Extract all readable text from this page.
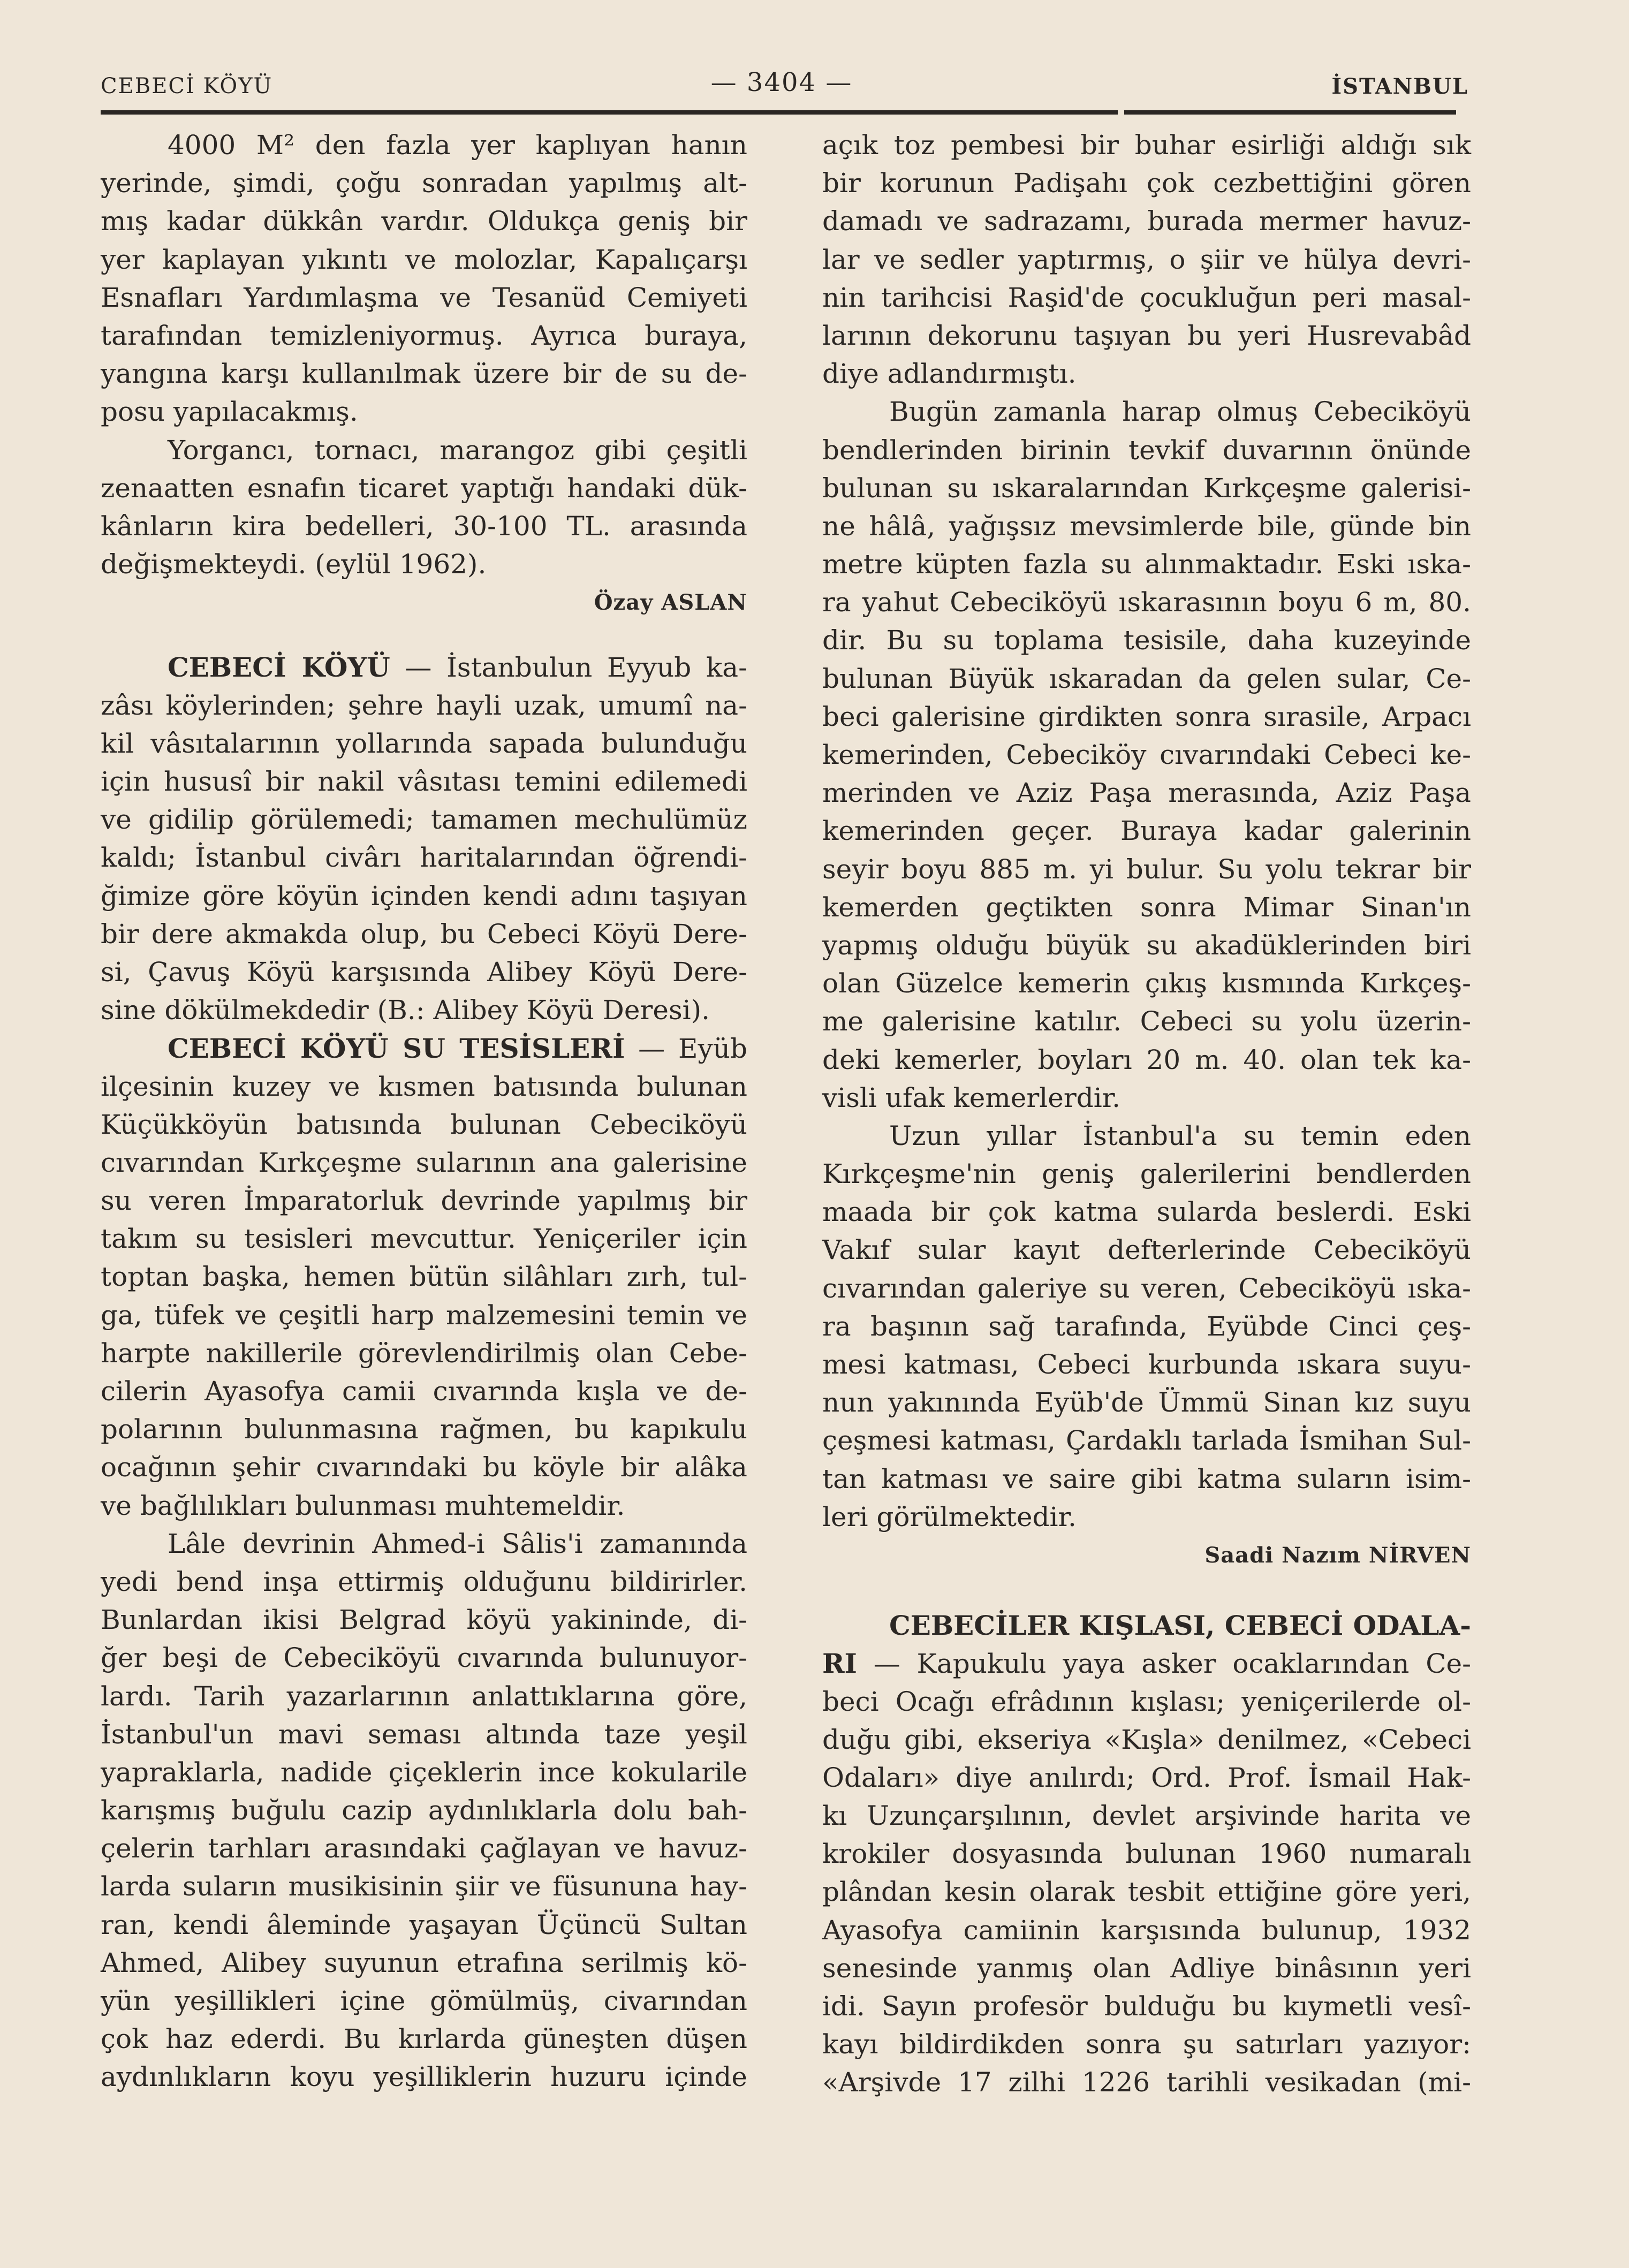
CEBECİ KÖYÜ	— 3404 —	İSTANBUL
4000 M² den fazla yer kaplıyan hanın
yerinde, şimdi, çoğu sonradan yapılmış alt-
mış kadar dükkân vardır. Oldukça geniş bir
yer kaplayan yıkıntı ve molozlar, Kapalıçarşı
Esnafları Yardımlaşma ve Tesanüd Cemiyeti
tarafından temizleniyormuş. Ayrıca buraya,
yangına karşı kullanılmak üzere bir de su de-
posu yapılacakmış.
Yorgancı, tornacı, marangoz gibi çeşitli
zenaatten esnafın ticaret yaptığı handaki dük-
kânların kira bedelleri, 30-100 TL. arasında
değişmekteydi. (eylül 1962).
Özay ASLAN
CEBECİ KÖYÜ — İstanbulun Eyyub ka-
zâsı köylerinden; şehre hayli uzak, umumî na-
kil vâsıtalarının yollarında sapada bulunduğu
için hususî bir nakil vâsıtası temini edilemedi
ve gidilip görülemedi; tamamen mechulümüz
kaldı; İstanbul civârı haritalarından öğrendi-
ğimize göre köyün içinden kendi adını taşıyan
bir dere akmakda olup, bu Cebeci Köyü Dere-
si, Çavuş Köyü karşısında Alibey Köyü Dere-
sine dökülmekdedir (B.: Alibey Köyü Deresi).
CEBECİ KÖYÜ SU TESİSLERİ — Eyüb
ilçesinin kuzey ve kısmen batısında bulunan
Küçükköyün batısında bulunan Cebeciköyü
cıvarından Kırkçeşme sularının ana galerisine
su veren İmparatorluk devrinde yapılmış bir
takım su tesisleri mevcuttur. Yeniçeriler için
toptan başka, hemen bütün silâhları zırh, tul-
ga, tüfek ve çeşitli harp malzemesini temin ve
harpte nakillerile görevlendirilmiş olan Cebe-
cilerin Ayasofya camii cıvarında kışla ve de-
polarının bulunmasına rağmen, bu kapıkulu
ocağının şehir cıvarındaki bu köyle bir alâka
ve bağlılıkları bulunması muhtemeldir.
Lâle devrinin Ahmed-i Sâlis'i zamanında
yedi bend inşa ettirmiş olduğunu bildirirler.
Bunlardan ikisi Belgrad köyü yakininde, di-
ğer beşi de Cebeciköyü cıvarında bulunuyor-
lardı. Tarih yazarlarının anlattıklarına göre,
İstanbul'un mavi seması altında taze yeşil
yapraklarla, nadide çiçeklerin ince kokularile
karışmış buğulu cazip aydınlıklarla dolu bah-
çelerin tarhları arasındaki çağlayan ve havuz-
larda suların musikisinin şiir ve füsununa hay-
ran, kendi âleminde yaşayan Üçüncü Sultan
Ahmed, Alibey suyunun etrafına serilmiş kö-
yün yeşillikleri içine gömülmüş, civarından
çok haz ederdi. Bu kırlarda güneşten düşen
aydınlıkların koyu yeşilliklerin huzuru içinde
açık toz pembesi bir buhar esirliği aldığı sık
bir korunun Padişahı çok cezbettiğini gören
damadı ve sadrazamı, burada mermer havuz-
lar ve sedler yaptırmış, o şiir ve hülya devri-
nin tarihcisi Raşid'de çocukluğun peri masal-
larının dekorunu taşıyan bu yeri Husrevabâd
diye adlandırmıştı.
Bugün zamanla harap olmuş Cebeciköyü
bendlerinden birinin tevkif duvarının önünde
bulunan su ıskaralarından Kırkçeşme galerisi-
ne hâlâ, yağışsız mevsimlerde bile, günde bin
metre küpten fazla su alınmaktadır. Eski ıska-
ra yahut Cebeciköyü ıskarasının boyu 6 m, 80.
dir. Bu su toplama tesisile, daha kuzeyinde
bulunan Büyük ıskaradan da gelen sular, Ce-
beci galerisine girdikten sonra sırasile, Arpacı
kemerinden, Cebeciköy cıvarındaki Cebeci ke-
merinden ve Aziz Paşa merasında, Aziz Paşa
kemerinden geçer. Buraya kadar galerinin
seyir boyu 885 m. yi bulur. Su yolu tekrar bir
kemerden geçtikten sonra Mimar Sinan'ın
yapmış olduğu büyük su akadüklerinden biri
olan Güzelce kemerin çıkış kısmında Kırkçeş-
me galerisine katılır. Cebeci su yolu üzerin-
deki kemerler, boyları 20 m. 40. olan tek ka-
visli ufak kemerlerdir.
Uzun yıllar İstanbul'a su temin eden
Kırkçeşme'nin geniş galerilerini bendlerden
maada bir çok katma sularda beslerdi. Eski
Vakıf sular kayıt defterlerinde Cebeciköyü
cıvarından galeriye su veren, Cebeciköyü ıska-
ra başının sağ tarafında, Eyübde Cinci çeş-
mesi katması, Cebeci kurbunda ıskara suyu-
nun yakınında Eyüb'de Ümmü Sinan kız suyu
çeşmesi katması, Çardaklı tarlada İsmihan Sul-
tan katması ve saire gibi katma suların isim-
leri görülmektedir.
Saadi Nazım NİRVEN
CEBECİLER KIŞLASI, CEBECİ ODALA-
RI — Kapukulu yaya asker ocaklarından Ce-
beci Ocağı efrâdının kışlası; yeniçerilerde ol-
duğu gibi, ekseriya «Kışla» denilmez, «Cebeci
Odaları» diye anılırdı; Ord. Prof. İsmail Hak-
kı Uzunçarşılının, devlet arşivinde harita ve
krokiler dosyasında bulunan 1960 numaralı
plândan kesin olarak tesbit ettiğine göre yeri,
Ayasofya camiinin karşısında bulunup, 1932
senesinde yanmış olan Adliye binâsının yeri
idi. Sayın profesör bulduğu bu kıymetli vesî-
kayı bildirdikden sonra şu satırları yazıyor:
«Arşivde 17 zilhi 1226 tarihli vesikadan (mi-
